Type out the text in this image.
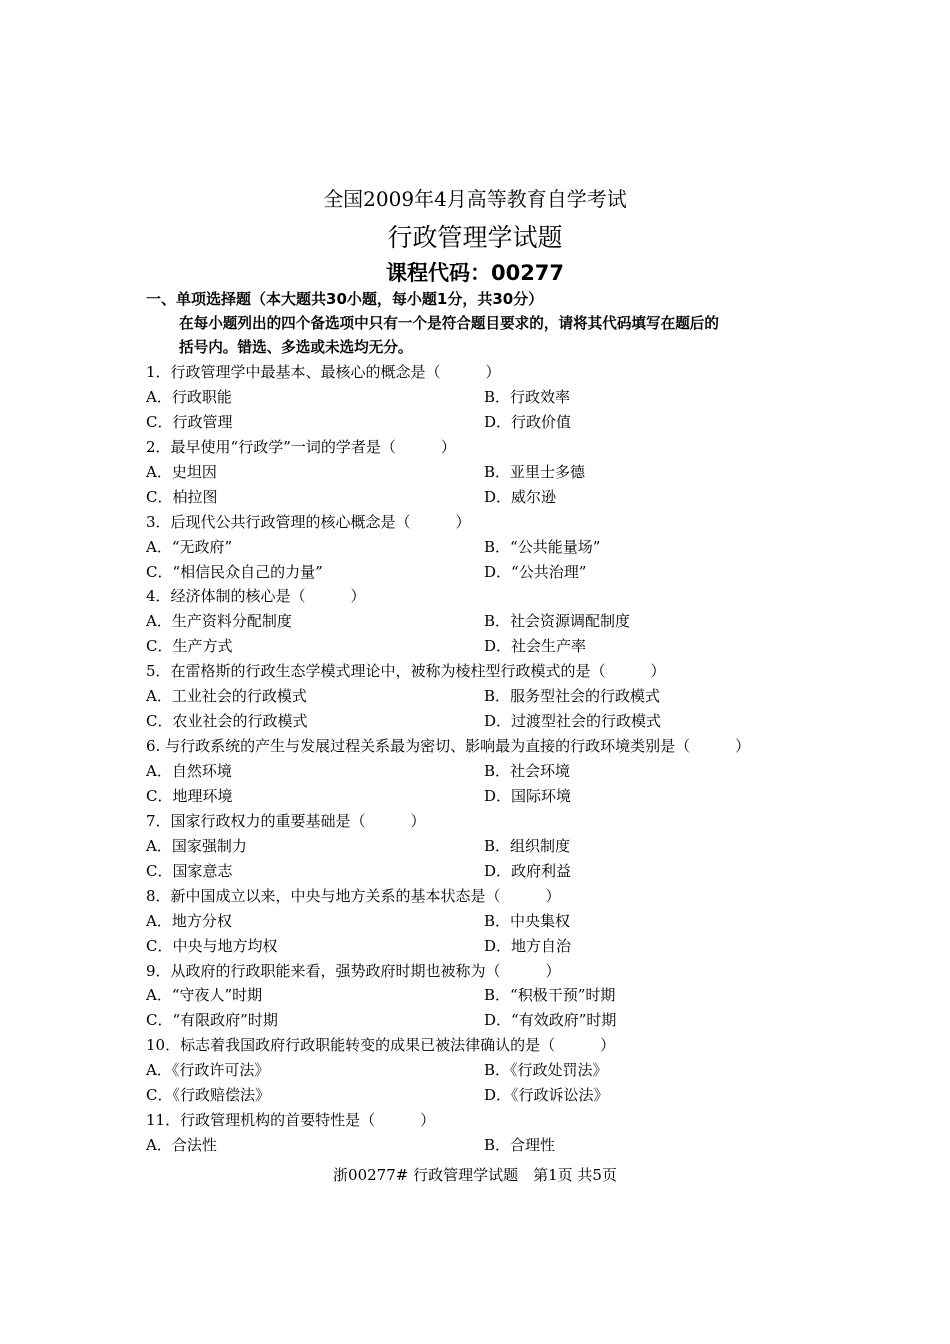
全国2009年4月高等教育自学考试
行政管理学试题
课程代码：00277
一、单项选择题（本大题共30小题，每小题1分，共30分）
在每小题列出的四个备选项中只有一个是符合题目要求的，请将其代码填写在题后的
括号内。错选、多选或未选均无分。
1．行政管理学中最基本、最核心的概念是（　　　）
A．行政职能	B．行政效率
C．行政管理	D．行政价值
2．最早使用“行政学”一词的学者是（　　　）
A．史坦因	B．亚里士多德
C．柏拉图	D．威尔逊
3．后现代公共行政管理的核心概念是（　　　）
A．“无政府”	B．“公共能量场”
C．“相信民众自己的力量”	D．“公共治理”
4．经济体制的核心是（　　　）
A．生产资料分配制度	B．社会资源调配制度
C．生产方式	D．社会生产率
5．在雷格斯的行政生态学模式理论中，被称为棱柱型行政模式的是（　　　）
A．工业社会的行政模式	B．服务型社会的行政模式
C．农业社会的行政模式	D．过渡型社会的行政模式
6. 与行政系统的产生与发展过程关系最为密切、影响最为直接的行政环境类别是（　　　）
A．自然环境	B．社会环境
C．地理环境	D．国际环境
7．国家行政权力的重要基础是（　　　）
A．国家强制力	B．组织制度
C．国家意志	D．政府利益
8．新中国成立以来，中央与地方关系的基本状态是（　　　）
A．地方分权	B．中央集权
C．中央与地方均权	D．地方自治
9．从政府的行政职能来看，强势政府时期也被称为（　　　）
A．“守夜人”时期	B．“积极干预”时期
C．“有限政府”时期	D．“有效政府”时期
10．标志着我国政府行政职能转变的成果已被法律确认的是（　　　）
A．《行政许可法》	B．《行政处罚法》
C．《行政赔偿法》	D．《行政诉讼法》
11．行政管理机构的首要特性是（　　　）
A．合法性	B．合理性
浙00277# 行政管理学试题　第1页 共5页
